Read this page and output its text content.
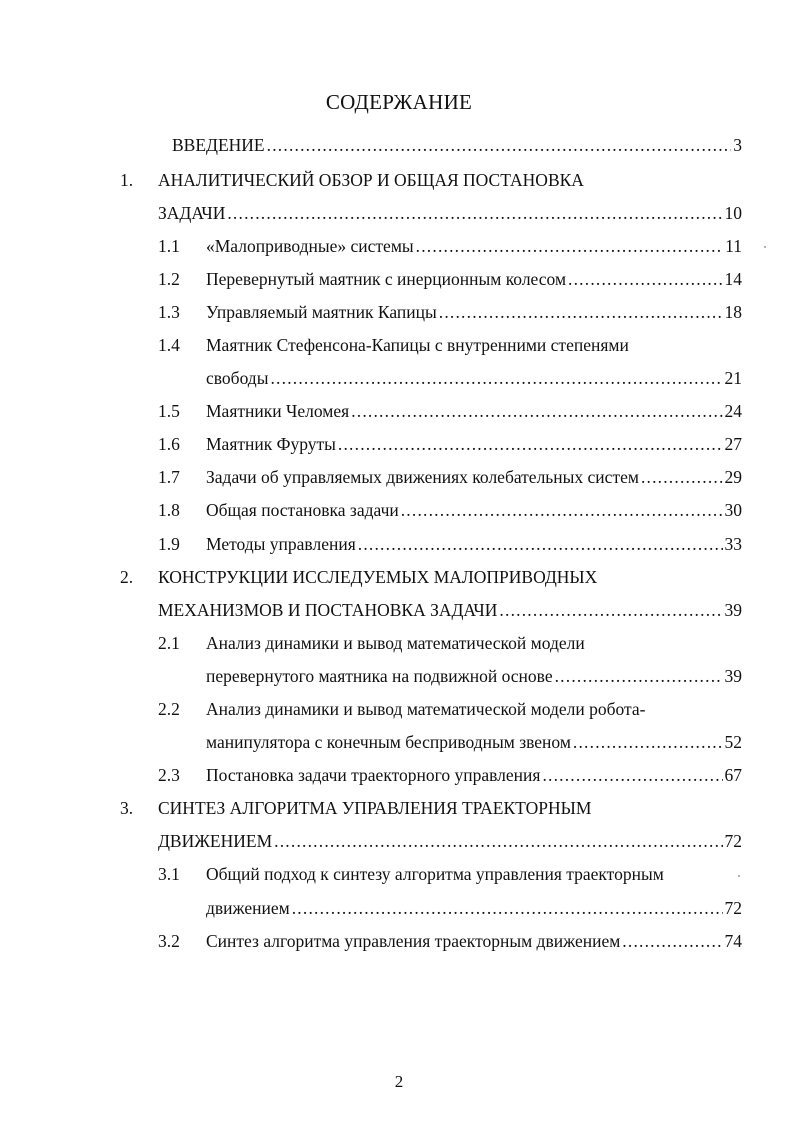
СОДЕРЖАНИЕ
ВВЕДЕНИЕ .....	3
1. АНАЛИТИЧЕСКИЙ ОБЗОР И ОБЩАЯ ПОСТАНОВКА
ЗАДАЧИ .....	10
1.1 «Малоприводные» системы .....	11
1.2 Перевернутый маятник с инерционным колесом .....	14
1.3 Управляемый маятник Капицы .....	18
1.4 Маятник Стефенсона-Капицы с внутренними степенями
свободы .....	21
1.5 Маятники Челомея .....	24
1.6 Маятник Фуруты .....	27
1.7 Задачи об управляемых движениях колебательных систем .....	29
1.8 Общая постановка задачи .....	30
1.9 Методы управления .....	33
2. КОНСТРУКЦИИ ИССЛЕДУЕМЫХ МАЛОПРИВОДНЫХ
МЕХАНИЗМОВ И ПОСТАНОВКА ЗАДАЧИ .....	39
2.1 Анализ динамики и вывод математической модели
перевернутого маятника на подвижной основе .....	39
2.2 Анализ динамики и вывод математической модели робота-
манипулятора с конечным бесприводным звеном .....	52
2.3 Постановка задачи траекторного управления .....	67
3. СИНТЕЗ АЛГОРИТМА УПРАВЛЕНИЯ ТРАЕКТОРНЫМ
ДВИЖЕНИЕМ .....	72
3.1 Общий подход к синтезу алгоритма управления траекторным
движением .....	72
3.2 Синтез алгоритма управления траекторным движением .....	74
2
